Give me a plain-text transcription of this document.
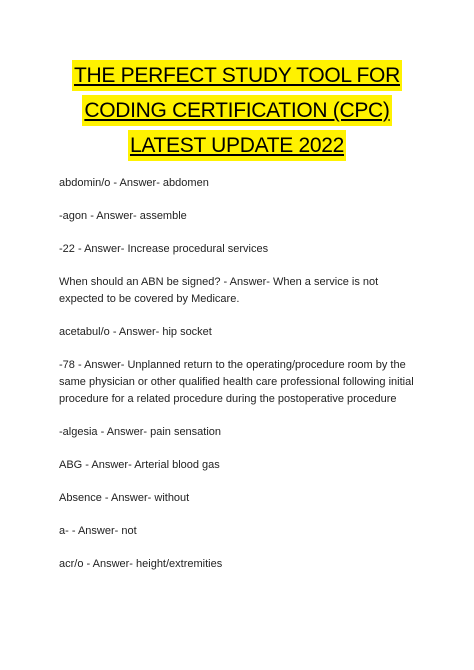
THE PERFECT STUDY TOOL FOR
CODING CERTIFICATION (CPC)
LATEST UPDATE 2022

abdomin/o - Answer- abdomen

-agon - Answer- assemble

-22 - Answer- Increase procedural services

When should an ABN be signed? - Answer- When a service is not expected to be covered by Medicare.

acetabul/o - Answer- hip socket

-78 - Answer- Unplanned return to the operating/procedure room by the same physician or other qualified health care professional following initial procedure for a related procedure during the postoperative procedure

-algesia - Answer- pain sensation

ABG - Answer- Arterial blood gas

Absence - Answer- without

a- - Answer- not

acr/o - Answer- height/extremities
